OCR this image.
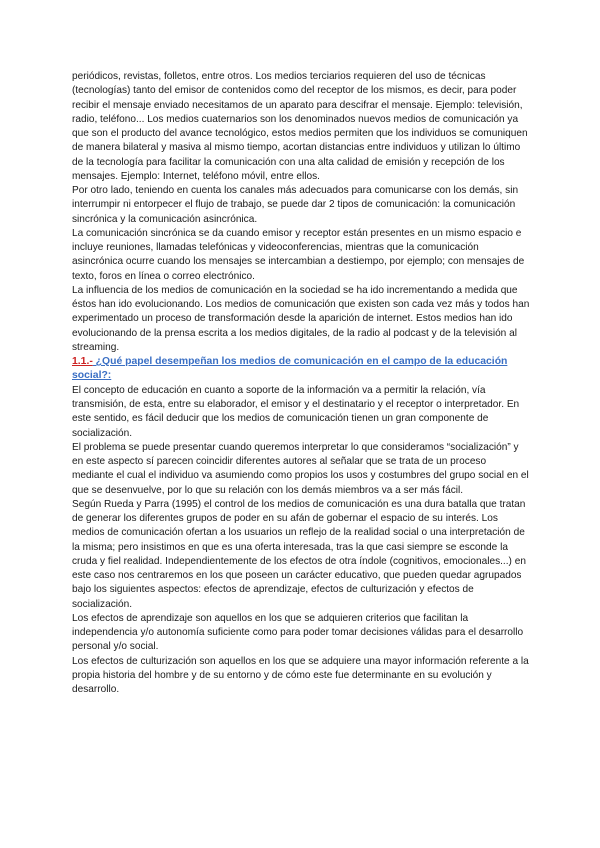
periódicos, revistas, folletos, entre otros. Los medios terciarios requieren del uso de técnicas (tecnologías) tanto del emisor de contenidos como del receptor de los mismos, es decir, para poder recibir el mensaje enviado necesitamos de un aparato para descifrar el mensaje. Ejemplo: televisión, radio, teléfono... Los medios cuaternarios son los denominados nuevos medios de comunicación ya que son el producto del avance tecnológico, estos medios permiten que los individuos se comuniquen de manera bilateral y masiva al mismo tiempo, acortan distancias entre individuos y utilizan lo último de la tecnología para facilitar la comunicación con una alta calidad de emisión y recepción de los mensajes. Ejemplo: Internet, teléfono móvil, entre ellos.

Por otro lado, teniendo en cuenta los canales más adecuados para comunicarse con los demás, sin interrumpir ni entorpecer el flujo de trabajo, se puede dar 2 tipos de comunicación: la comunicación sincrónica y la comunicación asincrónica.

La comunicación sincrónica se da cuando emisor y receptor están presentes en un mismo espacio e incluye reuniones, llamadas telefónicas y videoconferencias, mientras que la comunicación asincrónica ocurre cuando los mensajes se intercambian a destiempo, por ejemplo; con mensajes de texto, foros en línea o correo electrónico.

La influencia de los medios de comunicación en la sociedad se ha ido incrementando a medida que éstos han ido evolucionando. Los medios de comunicación que existen son cada vez más y todos han experimentado un proceso de transformación desde la aparición de internet. Estos medios han ido evolucionando de la prensa escrita a los medios digitales, de la radio al podcast y de la televisión al streaming.

1.1.- ¿Qué papel desempeñan los medios de comunicación en el campo de la educación social?:

El concepto de educación en cuanto a soporte de la información va a permitir la relación, vía transmisión, de esta, entre su elaborador, el emisor y el destinatario y el receptor o interpretador. En este sentido, es fácil deducir que los medios de comunicación tienen un gran componente de socialización.

El problema se puede presentar cuando queremos interpretar lo que consideramos “socialización” y en este aspecto sí parecen coincidir diferentes autores al señalar que se trata de un proceso mediante el cual el individuo va asumiendo como propios los usos y costumbres del grupo social en el que se desenvuelve, por lo que su relación con los demás miembros va a ser más fácil.

Según Rueda y Parra (1995) el control de los medios de comunicación es una dura batalla que tratan de generar los diferentes grupos de poder en su afán de gobernar el espacio de su interés. Los medios de comunicación ofertan a los usuarios un reflejo de la realidad social o una interpretación de la misma; pero insistimos en que es una oferta interesada, tras la que casi siempre se esconde la cruda y fiel realidad. Independientemente de los efectos de otra índole (cognitivos, emocionales...) en este caso nos centraremos en los que poseen un carácter educativo, que pueden quedar agrupados bajo los siguientes aspectos: efectos de aprendizaje, efectos de culturización y efectos de socialización.

Los efectos de aprendizaje son aquellos en los que se adquieren criterios que facilitan la independencia y/o autonomía suficiente como para poder tomar decisiones válidas para el desarrollo personal y/o social.

Los efectos de culturización son aquellos en los que se adquiere una mayor información referente a la propia historia del hombre y de su entorno y de cómo este fue determinante en su evolución y desarrollo.
